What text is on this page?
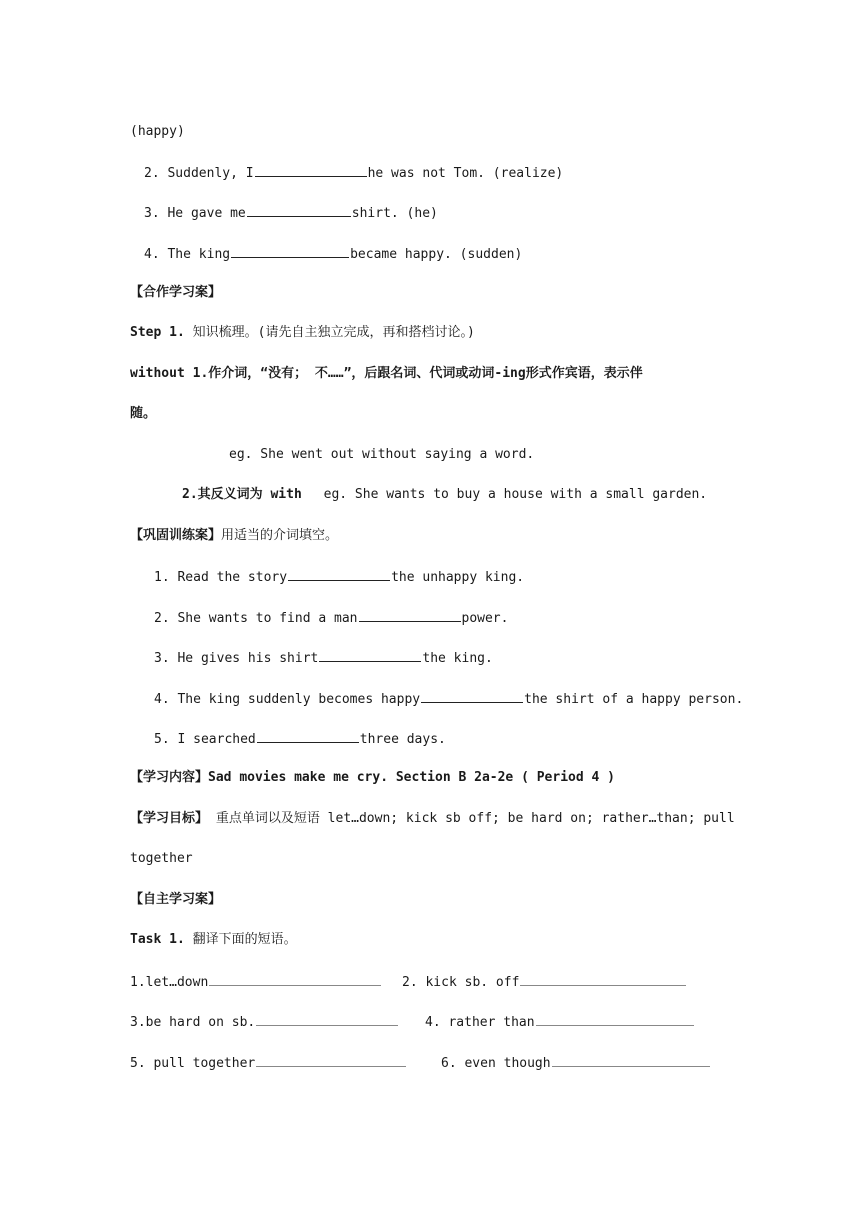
(happy)
2. Suddenly, I	he was not Tom. (realize)
3. He gave me	shirt. (he)
4. The king	became happy. (sudden)
【合作学习案】
Step 1. 知识梳理。(请先自主独立完成，再和搭档讨论。)
without 1.作介词，“没有； 不……”，后跟名词、代词或动词-ing形式作宾语，表示伴
随。
eg. She went out without saying a word.
2.其反义词为 with eg. She wants to buy a house with a small garden.
【巩固训练案】用适当的介词填空。
1. Read the story	the unhappy king.
2. She wants to find a man	power.
3. He gives his shirt	the king.
4. The king suddenly becomes happy	the shirt of a happy person.
5. I searched	three days.
【学习内容】Sad movies make me cry. Section B 2a-2e ( Period 4 )
【学习目标】 重点单词以及短语 let…down; kick sb off; be hard on; rather…than; pull
together
【自主学习案】
Task 1. 翻译下面的短语。
1.let…down	2. kick sb. off
3.be hard on sb.	4. rather than
5. pull together	6. even though
